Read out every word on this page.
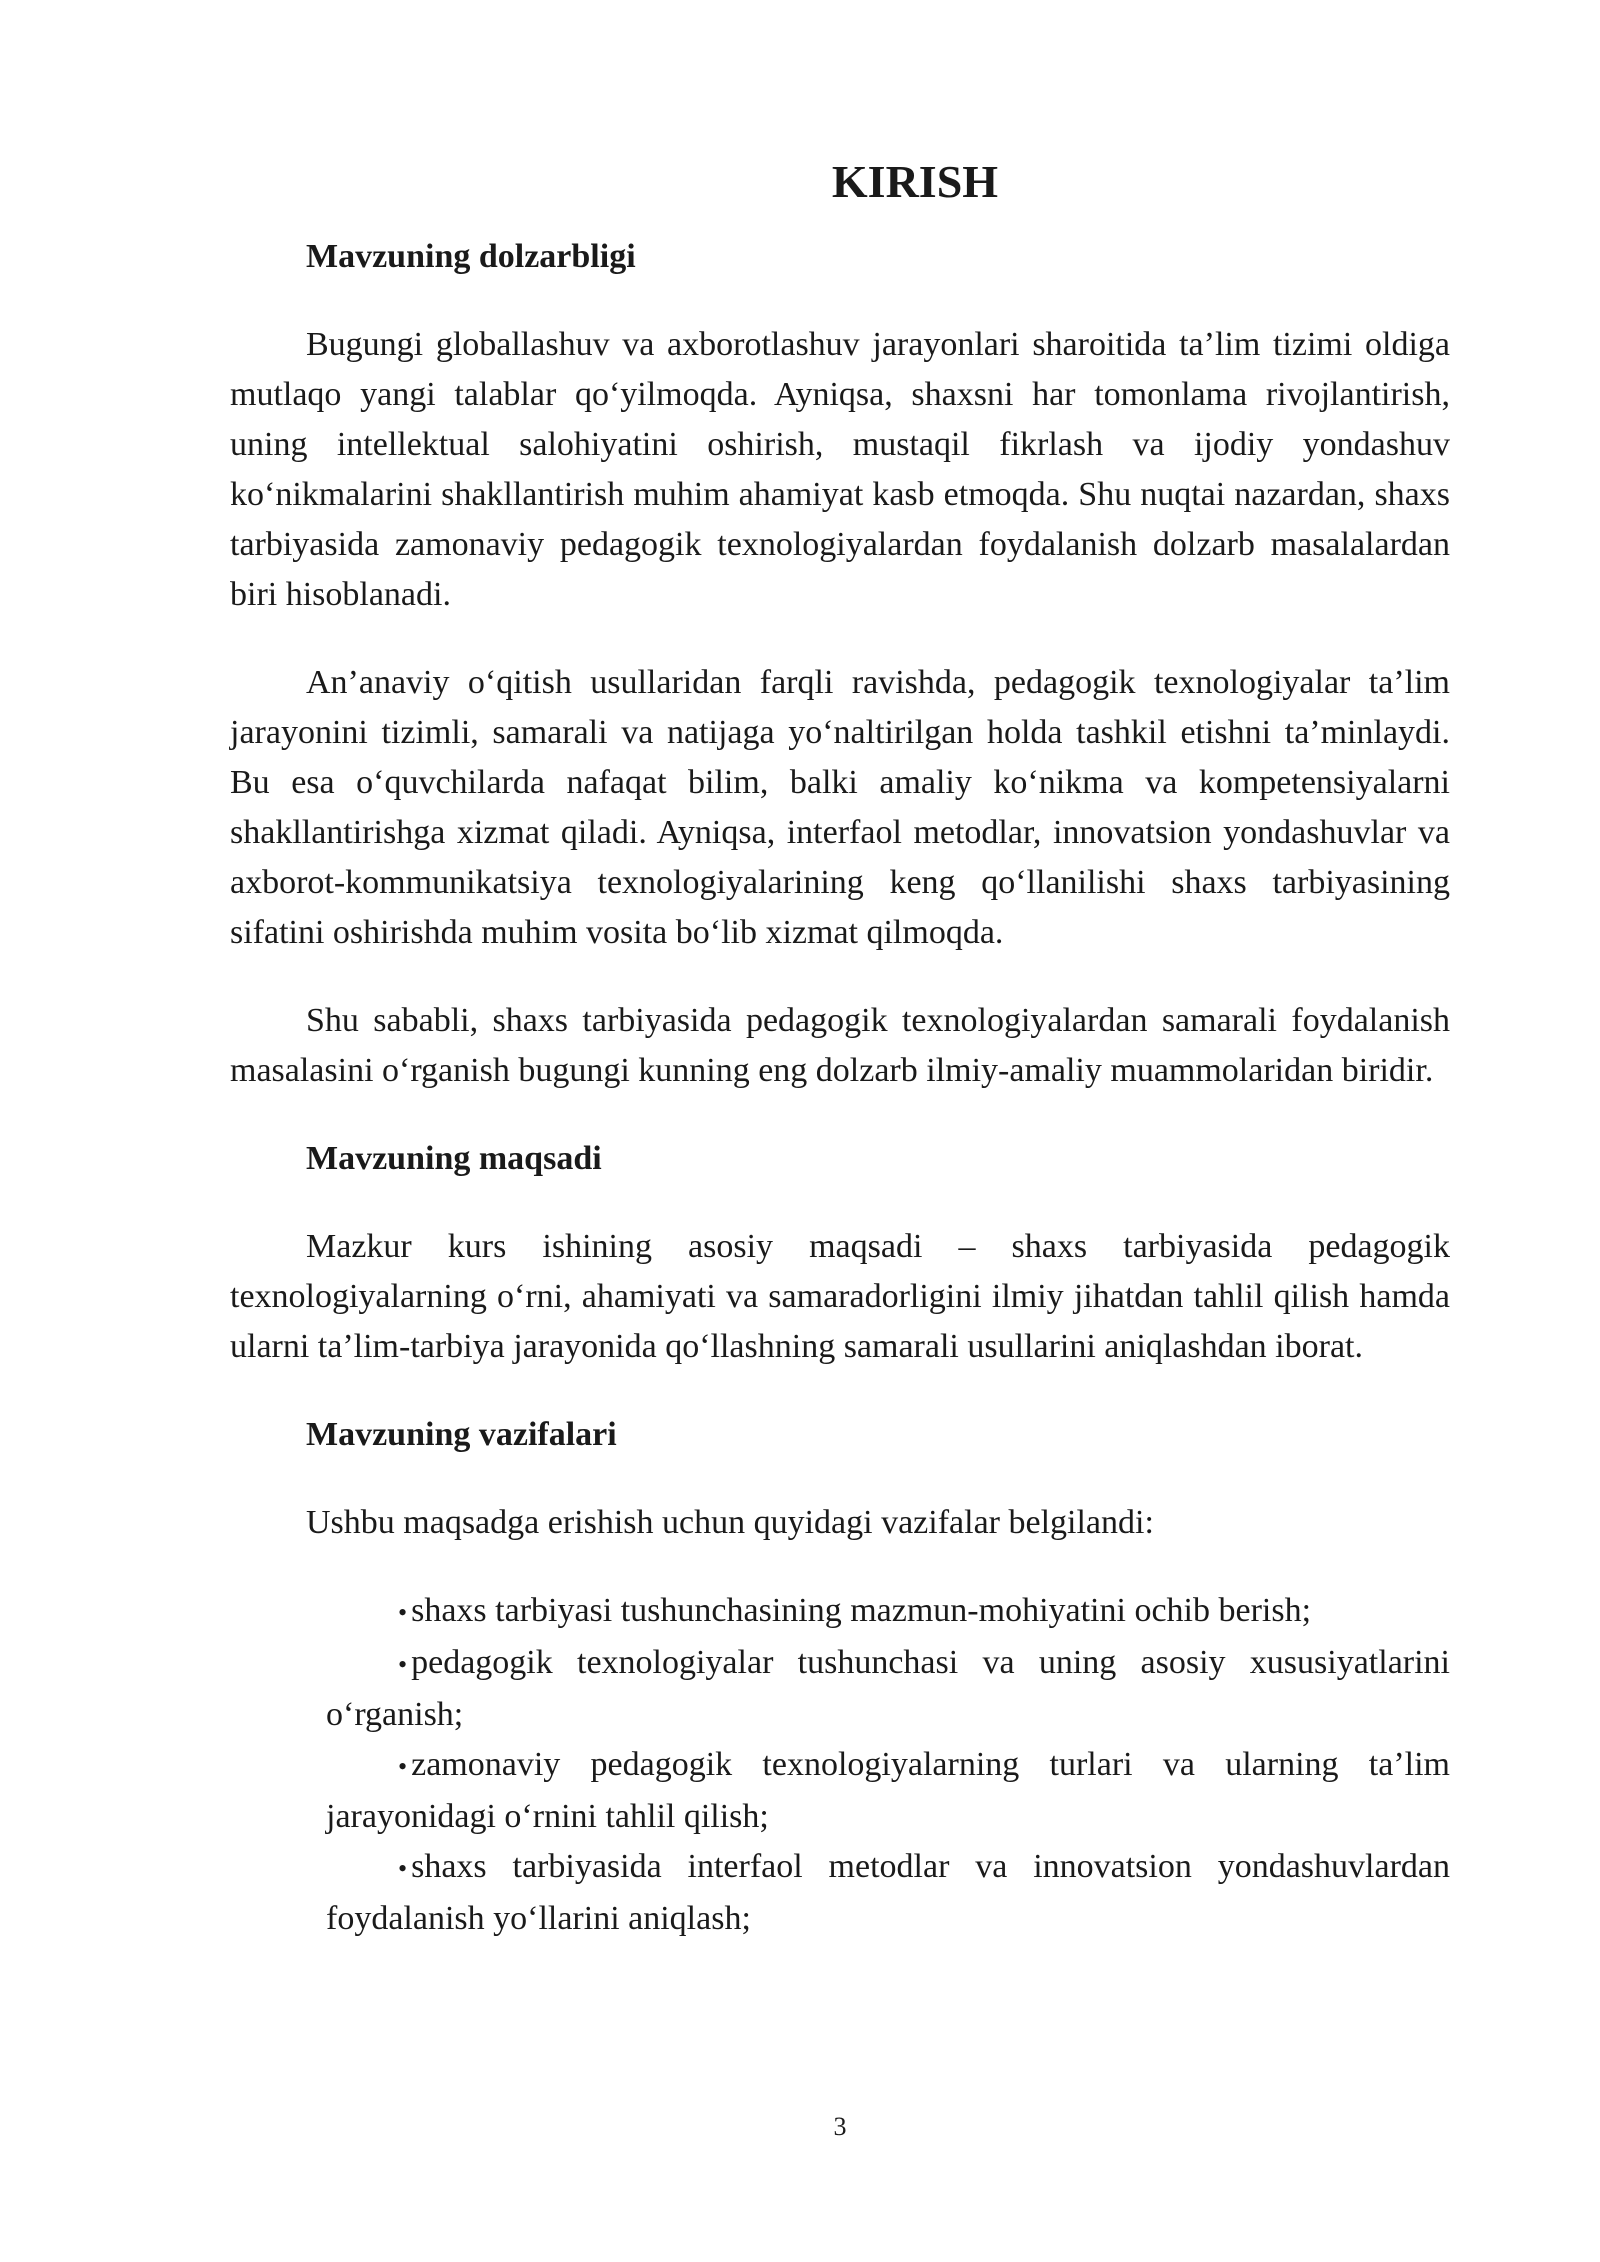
KIRISH
Mavzuning dolzarbligi

Bugungi globallashuv va axborotlashuv jarayonlari sharoitida ta’lim tizimi oldiga mutlaqo yangi talablar qo‘yilmoqda. Ayniqsa, shaxsni har tomonlama rivojlantirish, uning intellektual salohiyatini oshirish, mustaqil fikrlash va ijodiy yondashuv ko‘nikmalarini shakllantirish muhim ahamiyat kasb etmoqda. Shu nuqtai nazardan, shaxs tarbiyasida zamonaviy pedagogik texnologiyalardan foydalanish dolzarb masalalardan biri hisoblanadi.

An’anaviy o‘qitish usullaridan farqli ravishda, pedagogik texnologiyalar ta’lim jarayonini tizimli, samarali va natijaga yo‘naltirilgan holda tashkil etishni ta’minlaydi. Bu esa o‘quvchilarda nafaqat bilim, balki amaliy ko‘nikma va kompetensiyalarni shakllantirishga xizmat qiladi. Ayniqsa, interfaol metodlar, innovatsion yondashuvlar va axborot-kommunikatsiya texnologiyalarining keng qo‘llanilishi shaxs tarbiyasining sifatini oshirishda muhim vosita bo‘lib xizmat qilmoqda.

Shu sababli, shaxs tarbiyasida pedagogik texnologiyalardan samarali foydalanish masalasini o‘rganish bugungi kunning eng dolzarb ilmiy-amaliy muammolaridan biridir.

Mavzuning maqsadi

Mazkur kurs ishining asosiy maqsadi – shaxs tarbiyasida pedagogik texnologiyalarning o‘rni, ahamiyati va samaradorligini ilmiy jihatdan tahlil qilish hamda ularni ta’lim-tarbiya jarayonida qo‘llashning samarali usullarini aniqlashdan iborat.

Mavzuning vazifalari

Ushbu maqsadga erishish uchun quyidagi vazifalar belgilandi:

• shaxs tarbiyasi tushunchasining mazmun-mohiyatini ochib berish;
• pedagogik texnologiyalar tushunchasi va uning asosiy xususiyatlarini o‘rganish;
• zamonaviy pedagogik texnologiyalarning turlari va ularning ta’lim jarayonidagi o‘rnini tahlil qilish;
• shaxs tarbiyasida interfaol metodlar va innovatsion yondashuvlardan foydalanish yo‘llarini aniqlash;
3
